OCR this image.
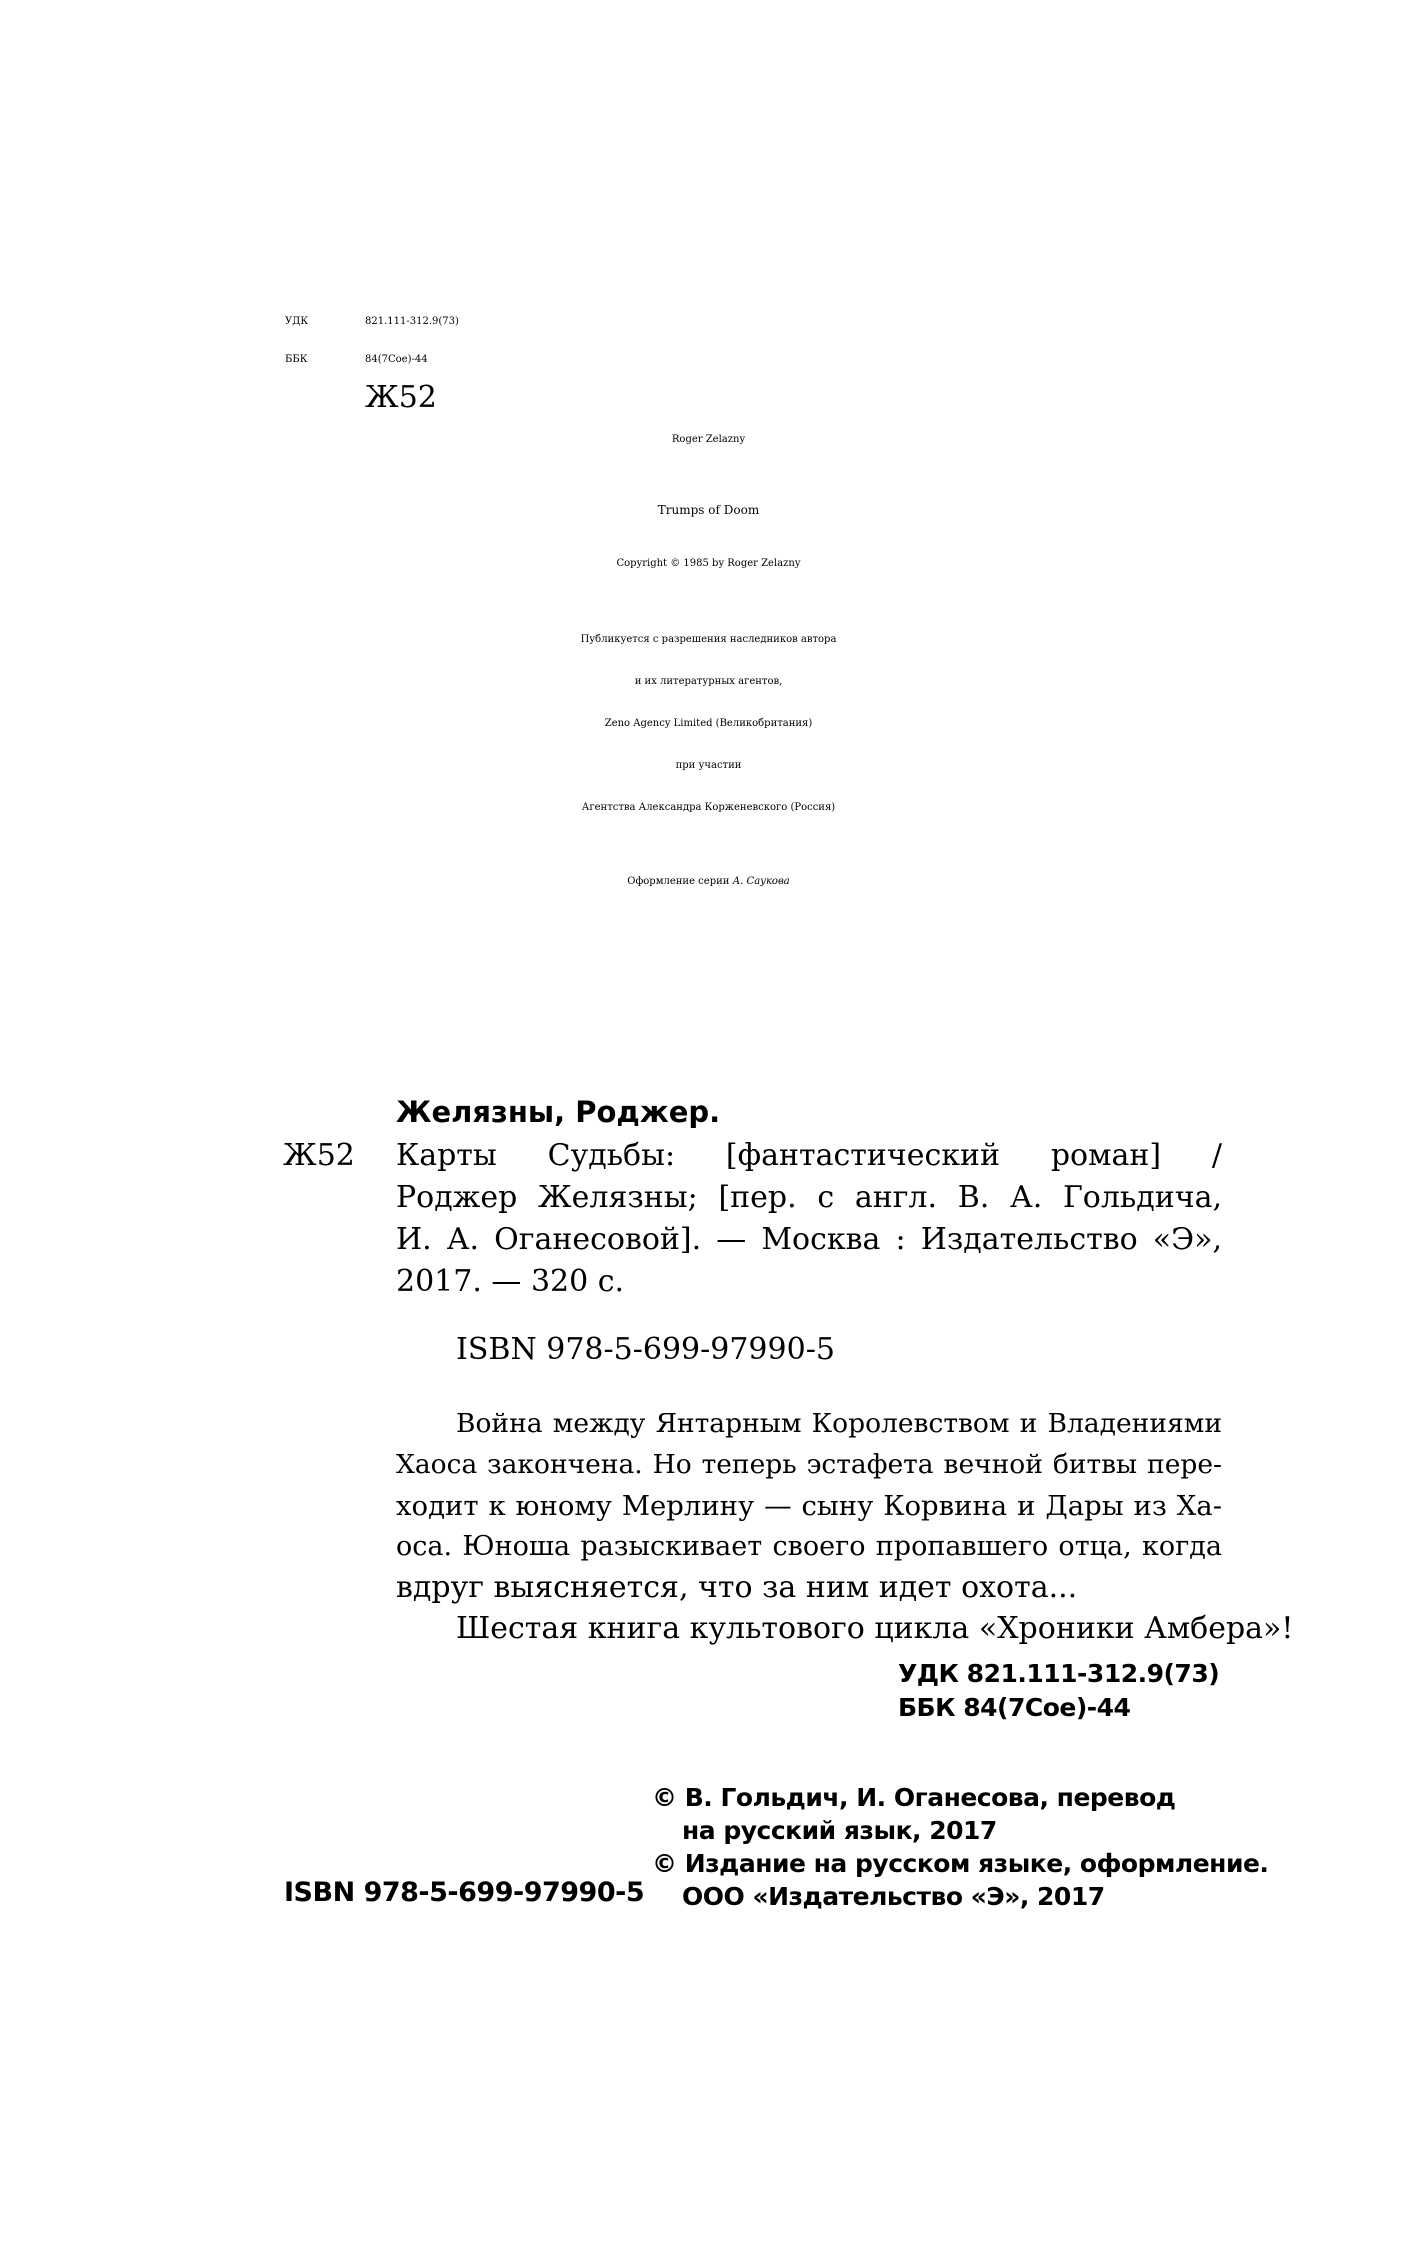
УДК	821.111-312.9(73)
ББК	84(7Сое)-44
Ж52
Roger Zelazny
Trumps of Doom
Copyright © 1985 by Roger Zelazny
Публикуется с разрешения наследников автора
и их литературных агентов,
Zeno Agency Limited (Великобритания)
при участии
Агентства Александра Корженевского (Россия)
Оформление серии А. Саукова
Желязны, Роджер.
Ж52 Карты Судьбы: [фантастический роман] /
Роджер Желязны; [пер. с англ. В. А. Гольдича,
И. А. Оганесовой]. — Москва : Издательство «Э»,
2017. — 320 с.
ISBN 978-5-699-97990-5
Война между Янтарным Королевством и Владениями
Хаоса закончена. Но теперь эстафета вечной битвы пере-
ходит к юному Мерлину — сыну Корвина и Дары из Ха-
оса. Юноша разыскивает своего пропавшего отца, когда
вдруг выясняется, что за ним идет охота...
Шестая книга культового цикла «Хроники Амбера»!
УДК 821.111-312.9(73)
ББК 84(7Сое)-44
© В. Гольдич, И. Оганесова, перевод
на русский язык, 2017
© Издание на русском языке, оформление.
ISBN 978-5-699-97990-5 ООО «Издательство «Э», 2017
